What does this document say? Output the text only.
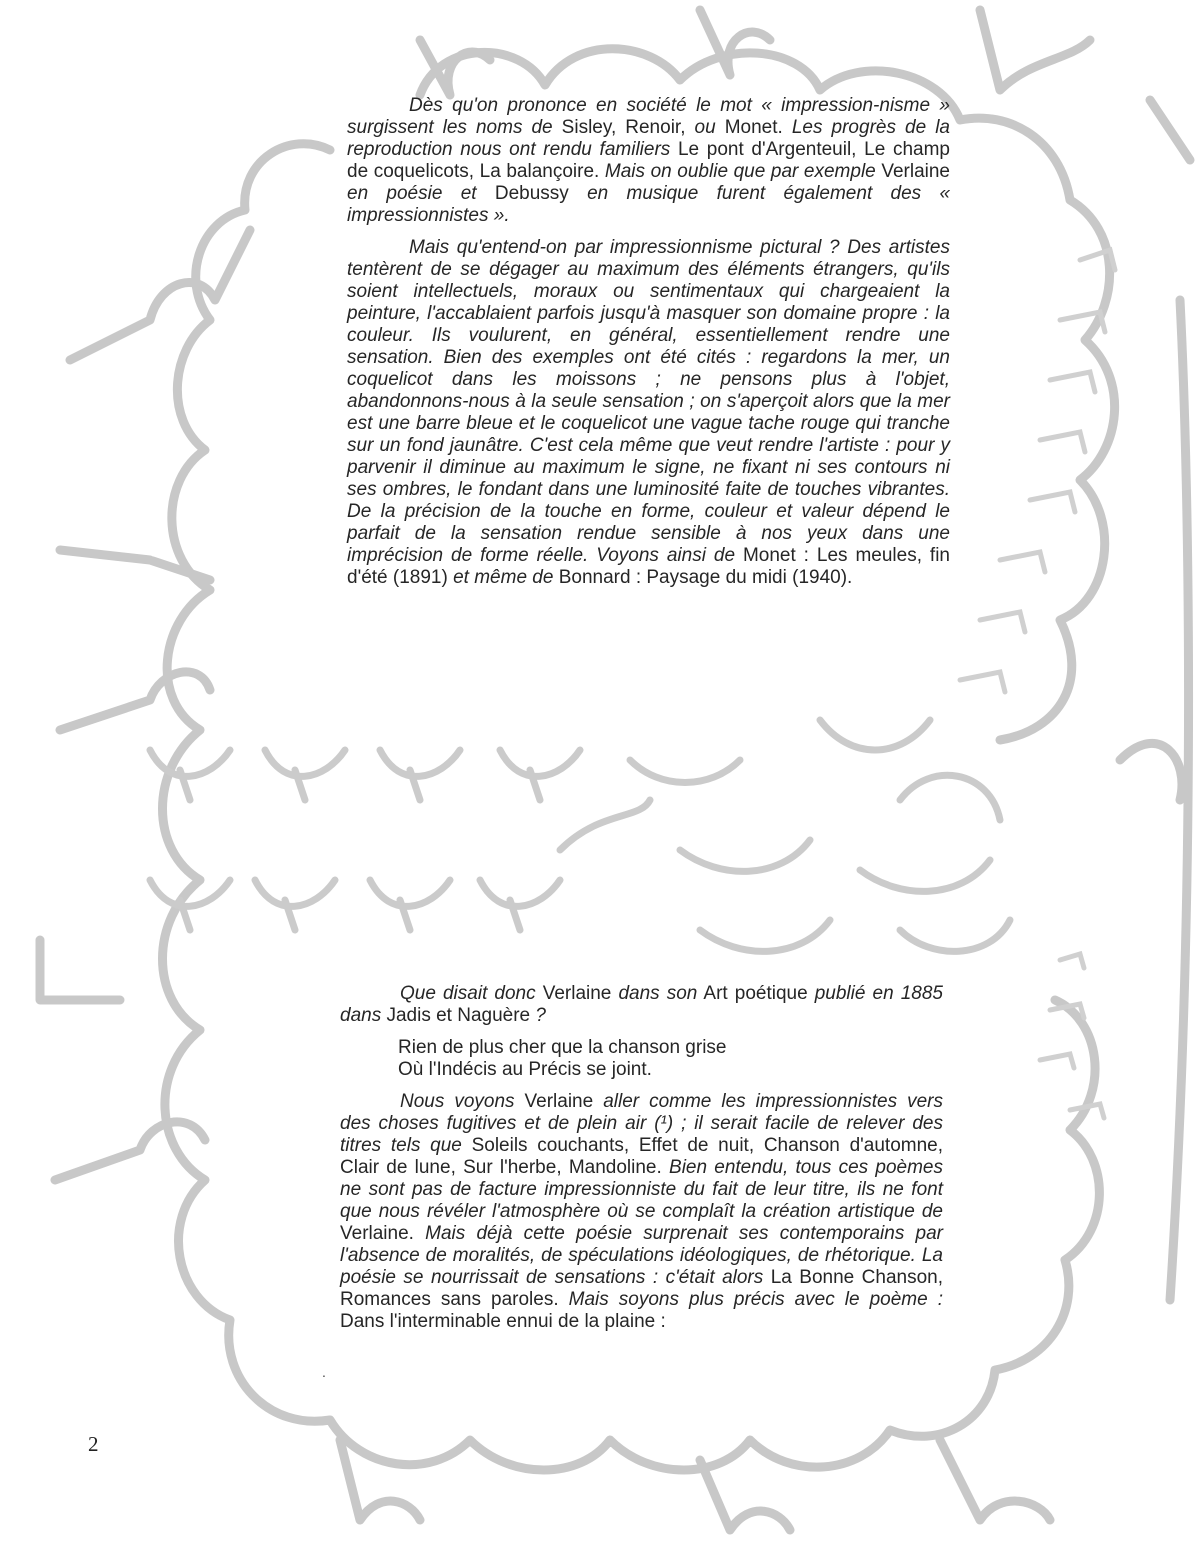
Dès qu'on prononce en société le mot « impression-nisme » surgissent les noms de Sisley, Renoir, ou Monet. Les progrès de la reproduction nous ont rendu familiers Le pont d'Argenteuil, Le champ de coquelicots, La balançoire. Mais on oublie que par exemple Verlaine en poésie et Debussy en musique furent également des « impressionnistes ».

Mais qu'entend-on par impressionnisme pictural ? Des artistes tentèrent de se dégager au maximum des éléments étrangers, qu'ils soient intellectuels, moraux ou sentimentaux qui chargeaient la peinture, l'accablaient parfois jusqu'à masquer son domaine propre : la couleur. Ils voulurent, en général, essentiellement rendre une sensation. Bien des exemples ont été cités : regardons la mer, un coquelicot dans les moissons ; ne pensons plus à l'objet, abandonnons-nous à la seule sensation ; on s'aperçoit alors que la mer est une barre bleue et le coquelicot une vague tache rouge qui tranche sur un fond jaunâtre. C'est cela même que veut rendre l'artiste : pour y parvenir il diminue au maximum le signe, ne fixant ni ses contours ni ses ombres, le fondant dans une luminosité faite de touches vibrantes. De la précision de la touche en forme, couleur et valeur dépend le parfait de la sensation rendue sensible à nos yeux dans une imprécision de forme réelle. Voyons ainsi de Monet : Les meules, fin d'été (1891) et même de Bonnard : Paysage du midi (1940).

Que disait donc Verlaine dans son Art poétique publié en 1885 dans Jadis et Naguère ?

Rien de plus cher que la chanson grise
Où l'Indécis au Précis se joint.

Nous voyons Verlaine aller comme les impressionnistes vers des choses fugitives et de plein air (¹) ; il serait facile de relever des titres tels que Soleils couchants, Effet de nuit, Chanson d'automne, Clair de lune, Sur l'herbe, Mandoline. Bien entendu, tous ces poèmes ne sont pas de facture impressionniste du fait de leur titre, ils ne font que nous révéler l'atmosphère où se complaît la création artistique de Verlaine. Mais déjà cette poésie surprenait ses contemporains par l'absence de moralités, de spéculations idéologiques, de rhétorique. La poésie se nourrissait de sensations : c'était alors La Bonne Chanson, Romances sans paroles. Mais soyons plus précis avec le poème : Dans l'interminable ennui de la plaine :

.
2
